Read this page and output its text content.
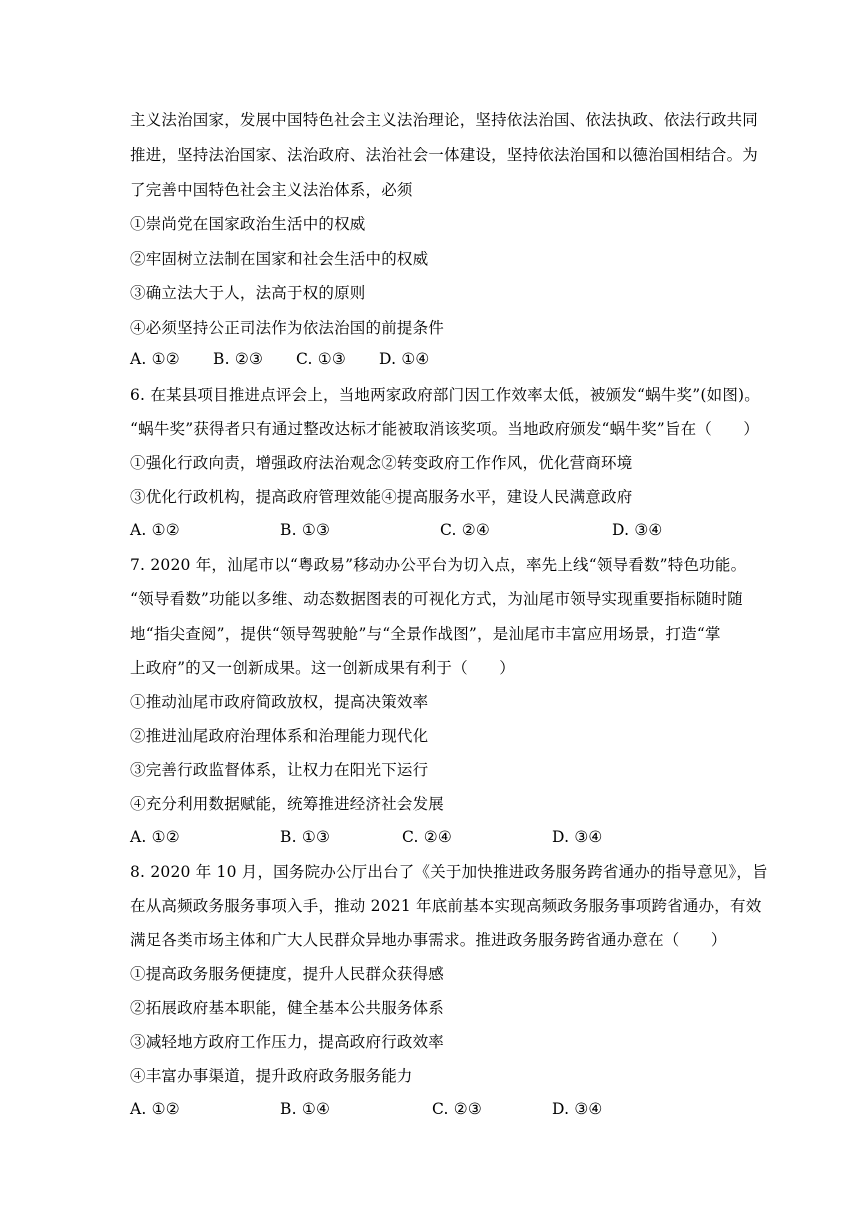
主义法治国家，发展中国特色社会主义法治理论，坚持依法治国、依法执政、依法行政共同
推进，坚持法治国家、法治政府、法治社会一体建设，坚持依法治国和以德治国相结合。为
了完善中国特色社会主义法治体系，必须
①崇尚党在国家政治生活中的权威
②牢固树立法制在国家和社会生活中的权威
③确立法大于人，法高于权的原则
④必须坚持公正司法作为依法治国的前提条件
A. ①② B. ②③ C. ①③ D. ①④
6. 在某县项目推进点评会上，当地两家政府部门因工作效率太低，被颁发“蜗牛奖”(如图)。
“蜗牛奖”获得者只有通过整改达标才能被取消该奖项。当地政府颁发“蜗牛奖”旨在（　　）
①强化行政向责，增强政府法治观念②转变政府工作作风，优化营商环境
③优化行政机构，提高政府管理效能④提高服务水平，建设人民满意政府
A. ①②	B. ①③	C. ②④	D. ③④
7. 2020 年，汕尾市以“粤政易”移动办公平台为切入点，率先上线“领导看数”特色功能。
“领导看数”功能以多维、动态数据图表的可视化方式，为汕尾市领导实现重要指标随时随
地“指尖查阅”，提供“领导驾驶舱”与“全景作战图”，是汕尾市丰富应用场景，打造“掌
上政府”的又一创新成果。这一创新成果有利于（　　）
①推动汕尾市政府简政放权，提高决策效率
②推进汕尾政府治理体系和治理能力现代化
③完善行政监督体系，让权力在阳光下运行
④充分利用数据赋能，统筹推进经济社会发展
A. ①②	B. ①③	C. ②④	D. ③④
8. 2020 年 10 月，国务院办公厅出台了《关于加快推进政务服务跨省通办的指导意见》，旨
在从高频政务服务事项入手，推动 2021 年底前基本实现高频政务服务事项跨省通办，有效
满足各类市场主体和广大人民群众异地办事需求。推进政务服务跨省通办意在（　　）
①提高政务服务便捷度，提升人民群众获得感
②拓展政府基本职能，健全基本公共服务体系
③减轻地方政府工作压力，提高政府行政效率
④丰富办事渠道，提升政府政务服务能力
A. ①②	B. ①④	C. ②③	D. ③④
